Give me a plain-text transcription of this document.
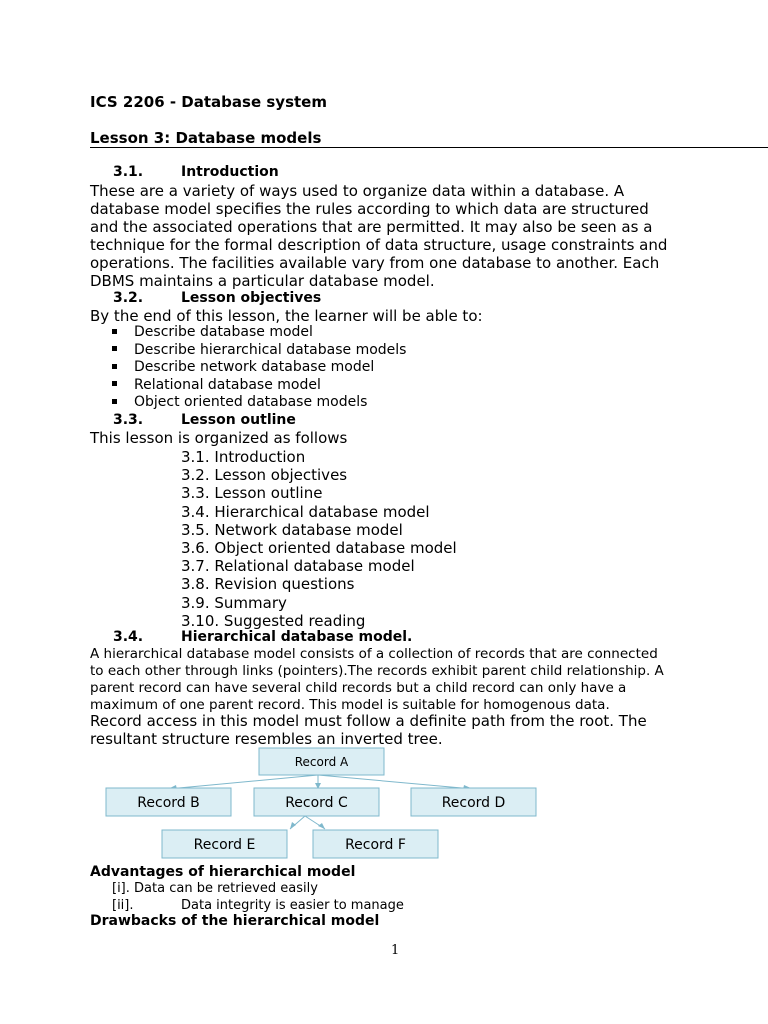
ICS 2206 - Database system
Lesson 3: Database models
3.1.	Introduction
These are a variety of ways used to organize data within a database. A
database model specifies the rules according to which data are structured
and the associated operations that are permitted. It may also be seen as a
technique for the formal description of data structure, usage constraints and
operations. The facilities available vary from one database to another. Each
DBMS maintains a particular database model.
3.2.	Lesson objectives
By the end of this lesson, the learner will be able to:
Describe database model
Describe hierarchical database models
Describe network database model
Relational database model
Object oriented database models
3.3.	Lesson outline
This lesson is organized as follows
3.1. Introduction
3.2. Lesson objectives
3.3. Lesson outline
3.4. Hierarchical database model
3.5. Network database model
3.6. Object oriented database model
3.7. Relational database model
3.8. Revision questions
3.9. Summary
3.10. Suggested reading
3.4.	Hierarchical database model.
A hierarchical database model consists of a collection of records that are connected
to each other through links (pointers).The records exhibit parent child relationship. A
parent record can have several child records but a child record can only have a
maximum of one parent record. This model is suitable for homogenous data.
Record access in this model must follow a definite path from the root. The
resultant structure resembles an inverted tree.
Record A
Record B	Record C	Record D
Record E	Record F
Advantages of hierarchical model
[i]. Data can be retrieved easily
[ii].	Data integrity is easier to manage
Drawbacks of the hierarchical model
1
